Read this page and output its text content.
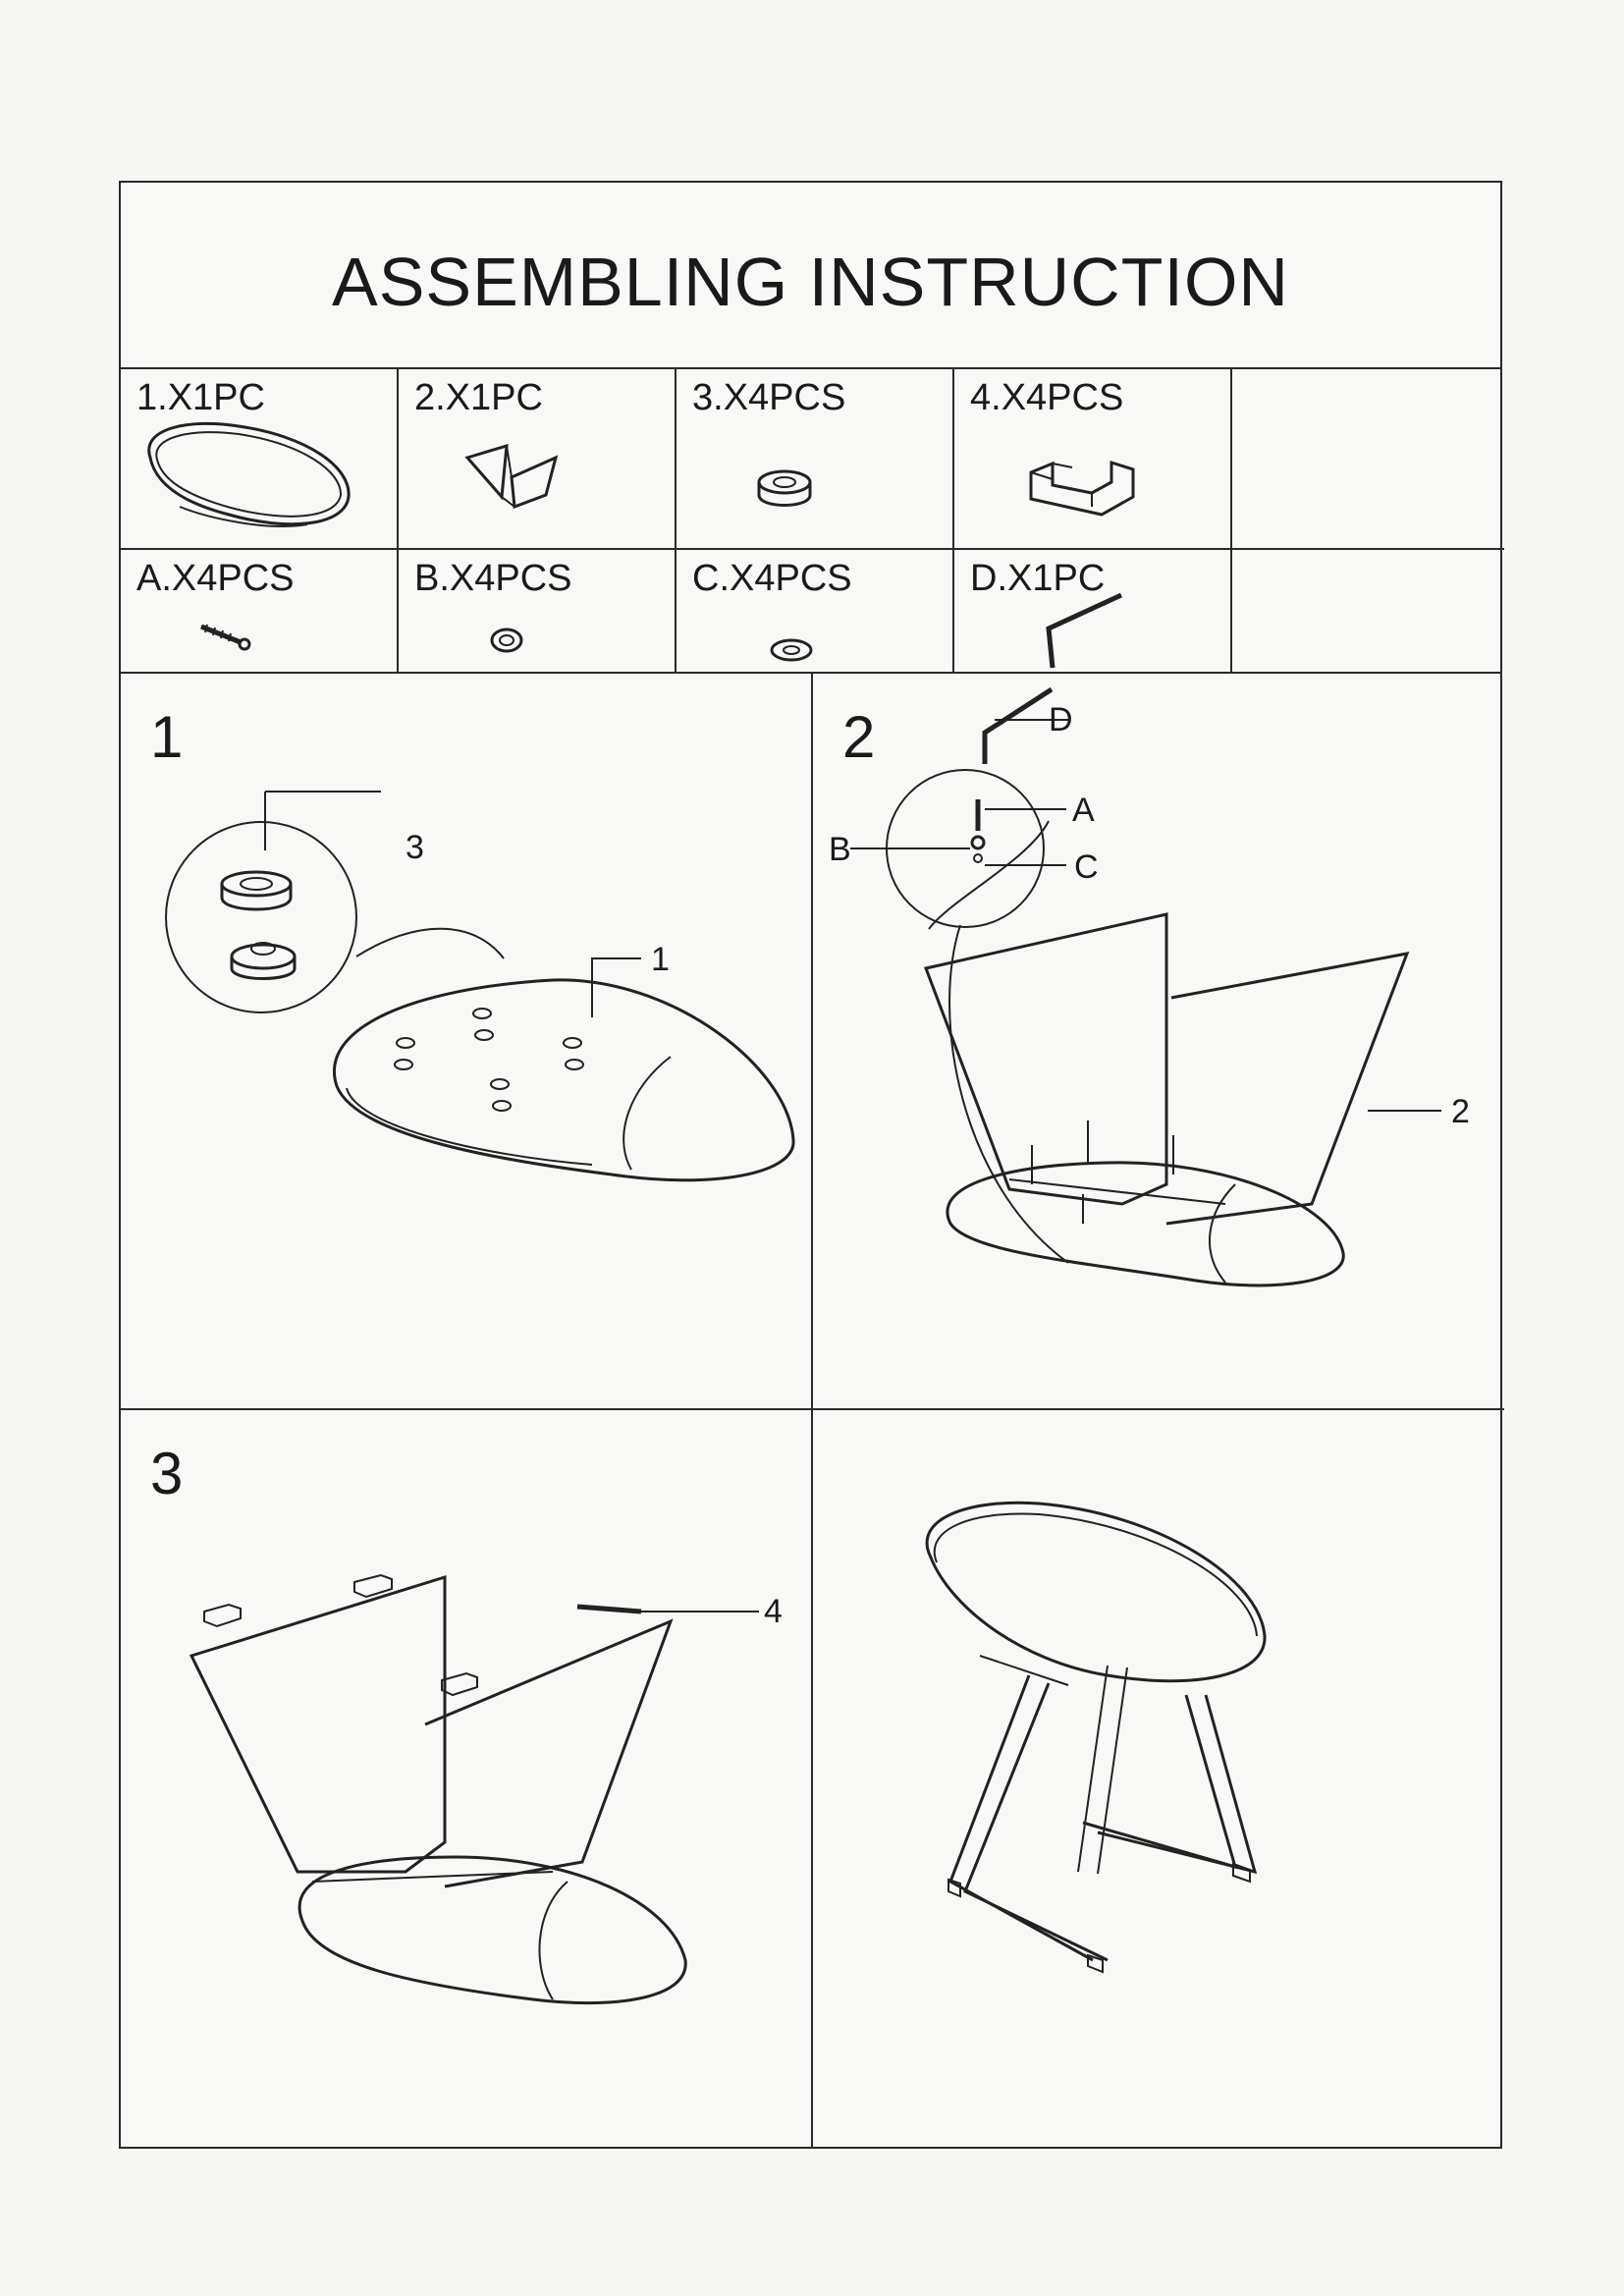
ASSEMBLING INSTRUCTION
1.X1PC	2.X1PC	3.X4PCS	4.X4PCS
A.X4PCS	B.X4PCS	C.X4PCS	D.X1PC
1
3
1
2	D
A
B	C
2
3
4
